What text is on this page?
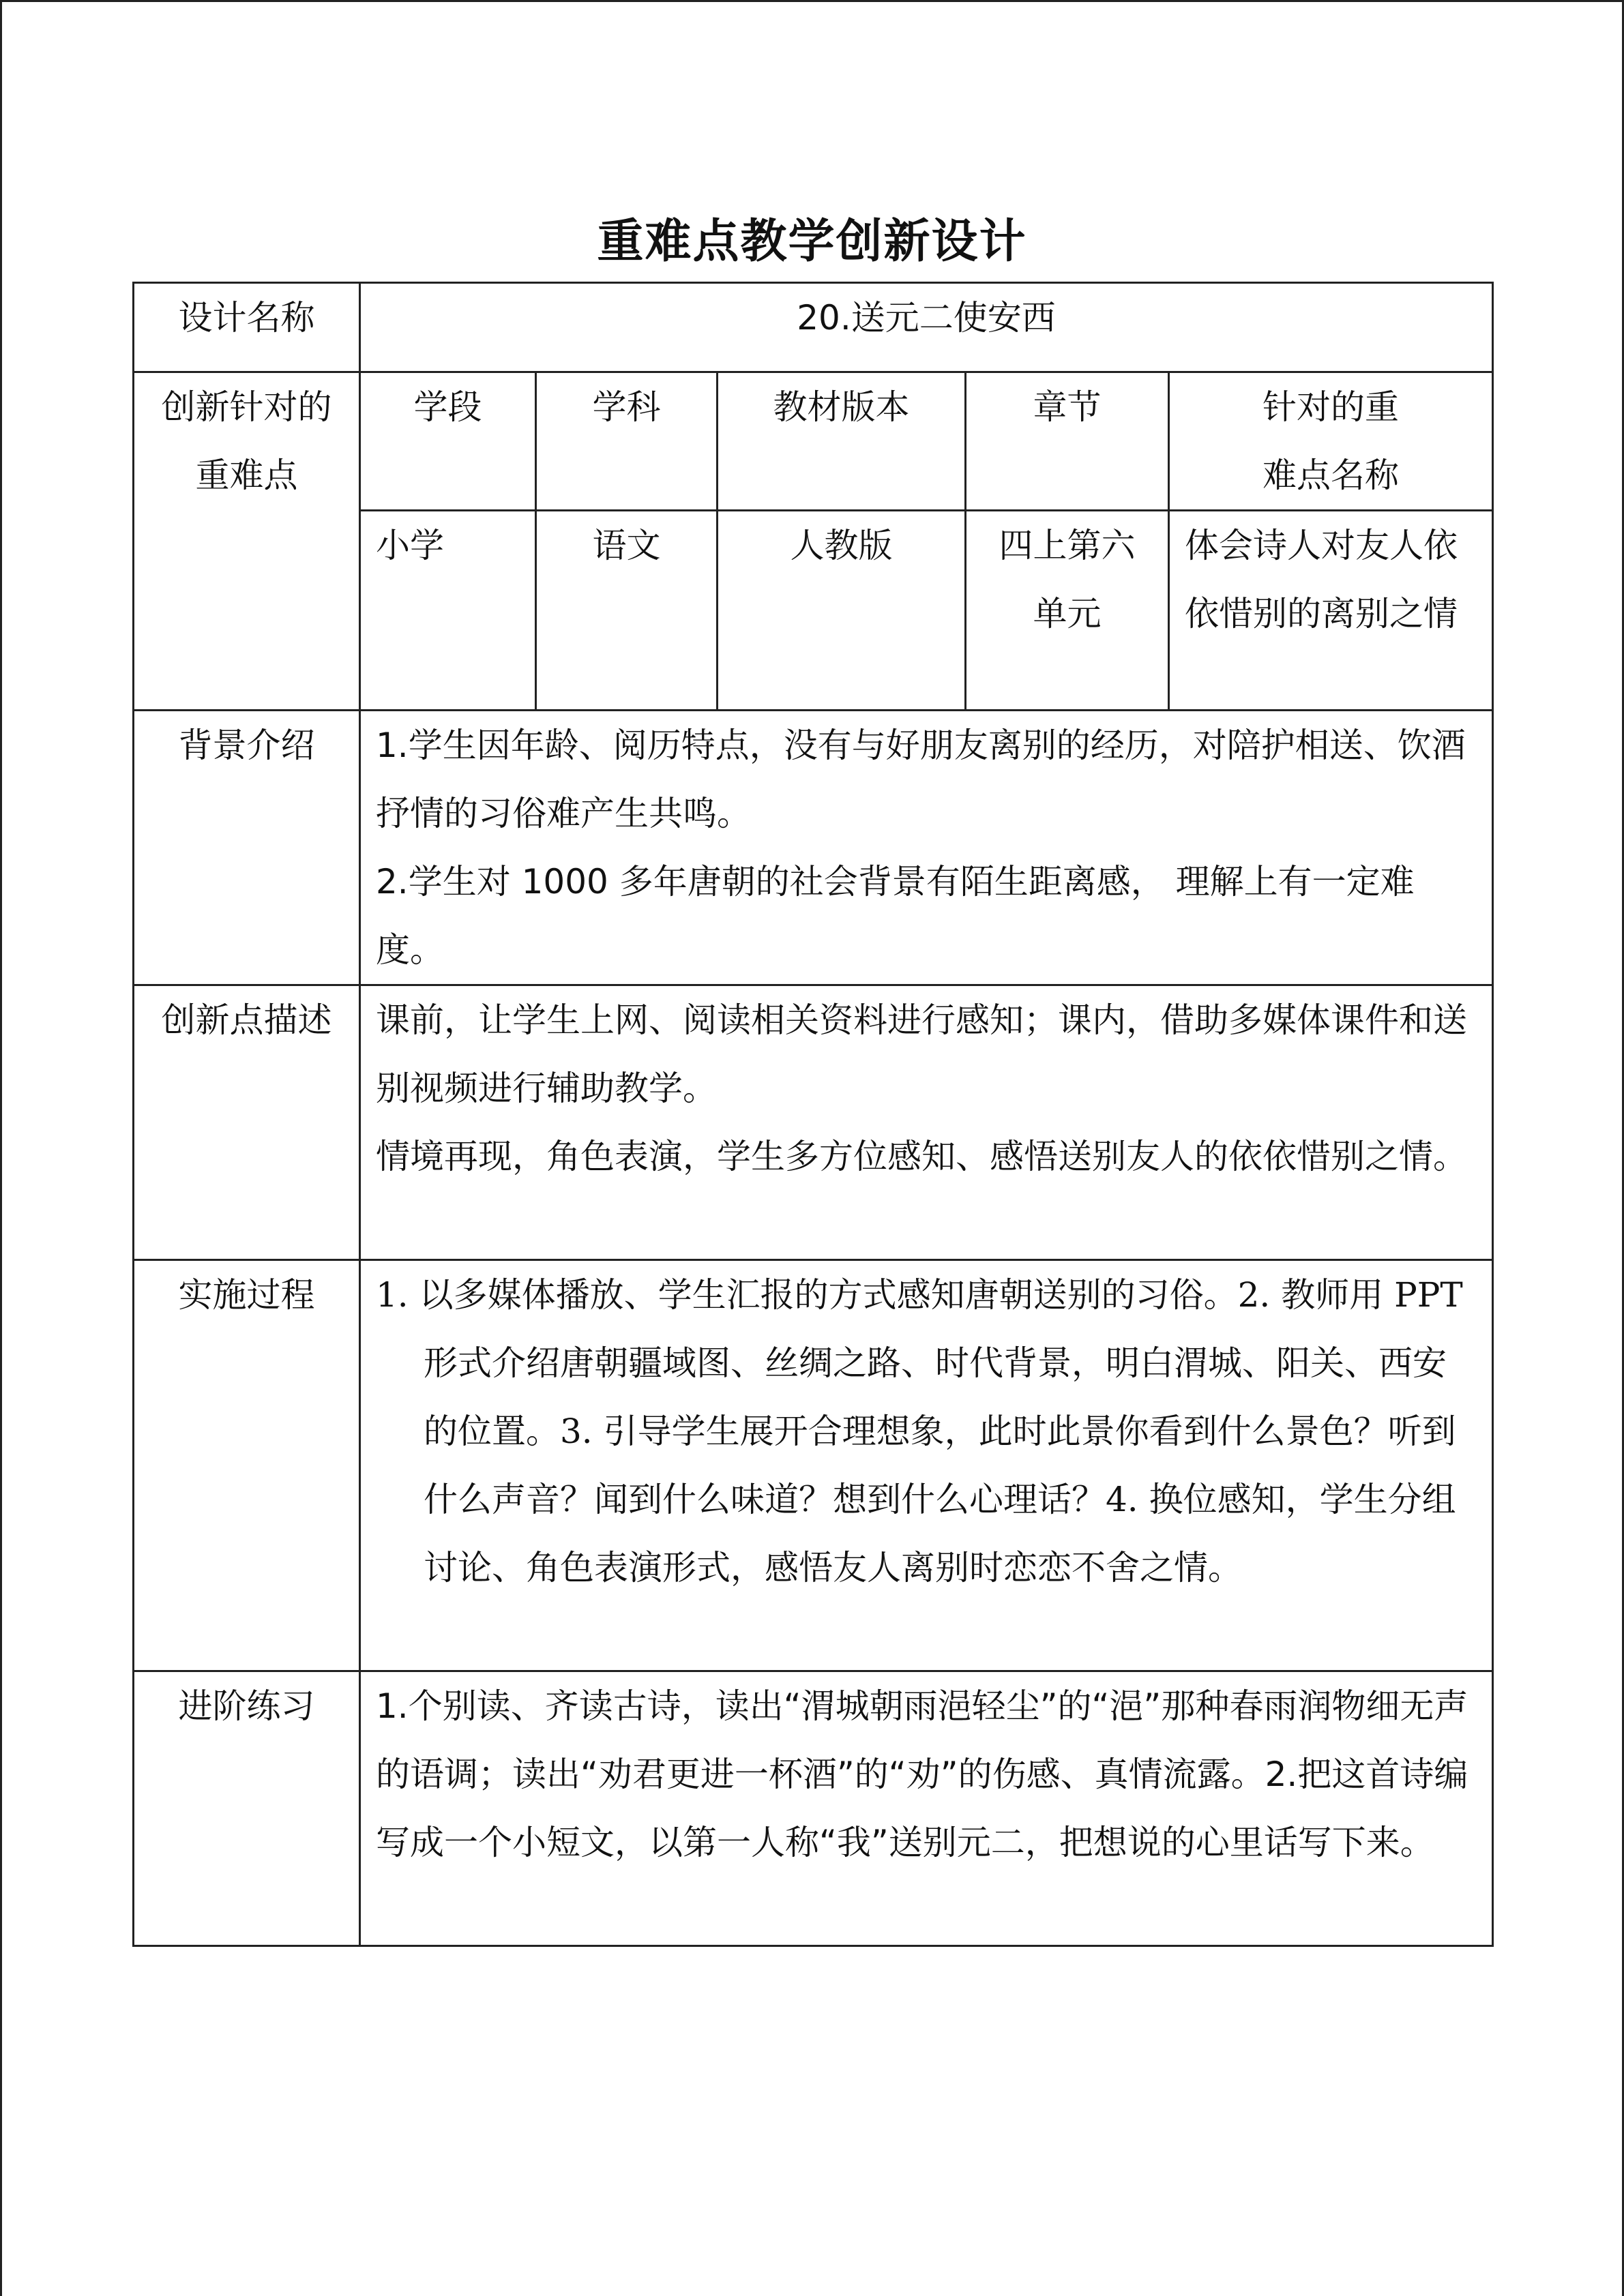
重难点教学创新设计
设计名称	20.送元二使安西				
创新针对的重难点	学段	学科	教材版本	章节	针对的重难点名称
	小学	语文	人教版	四上第六单元	体会诗人对友人依依惜别的离别之情
背景介绍	1.学生因年龄、阅历特点，没有与好朋友离别的经历，对陪护相送、饮酒抒情的习俗难产生共鸣。
2.学生对 1000 多年唐朝的社会背景有陌生距离感， 理解上有一定难度。				

创新点描述	课前，让学生上网、阅读相关资料进行感知；课内，借助多媒体课件和送别视频进行辅助教学。
情境再现，角色表演，学生多方位感知、感悟送别友人的依依惜别之情。				

实施过程	1. 以多媒体播放、学生汇报的方式感知唐朝送别的习俗。2. 教师用 PPT 形式介绍唐朝疆域图、丝绸之路、时代背景，明白渭城、阳关、西安的位置。3. 引导学生展开合理想象，此时此景你看到什么景色？听到什么声音？闻到什么味道？想到什么心理话？4. 换位感知，学生分组讨论、角色表演形式，感悟友人离别时恋恋不舍之情。				

进阶练习	1.个别读、齐读古诗，读出“渭城朝雨浥轻尘”的“浥”那种春雨润物细无声的语调；读出“劝君更进一杯酒”的“劝”的伤感、真情流露。2.把这首诗编写成一个小短文，以第一人称“我”送别元二，把想说的心里话写下来。				
